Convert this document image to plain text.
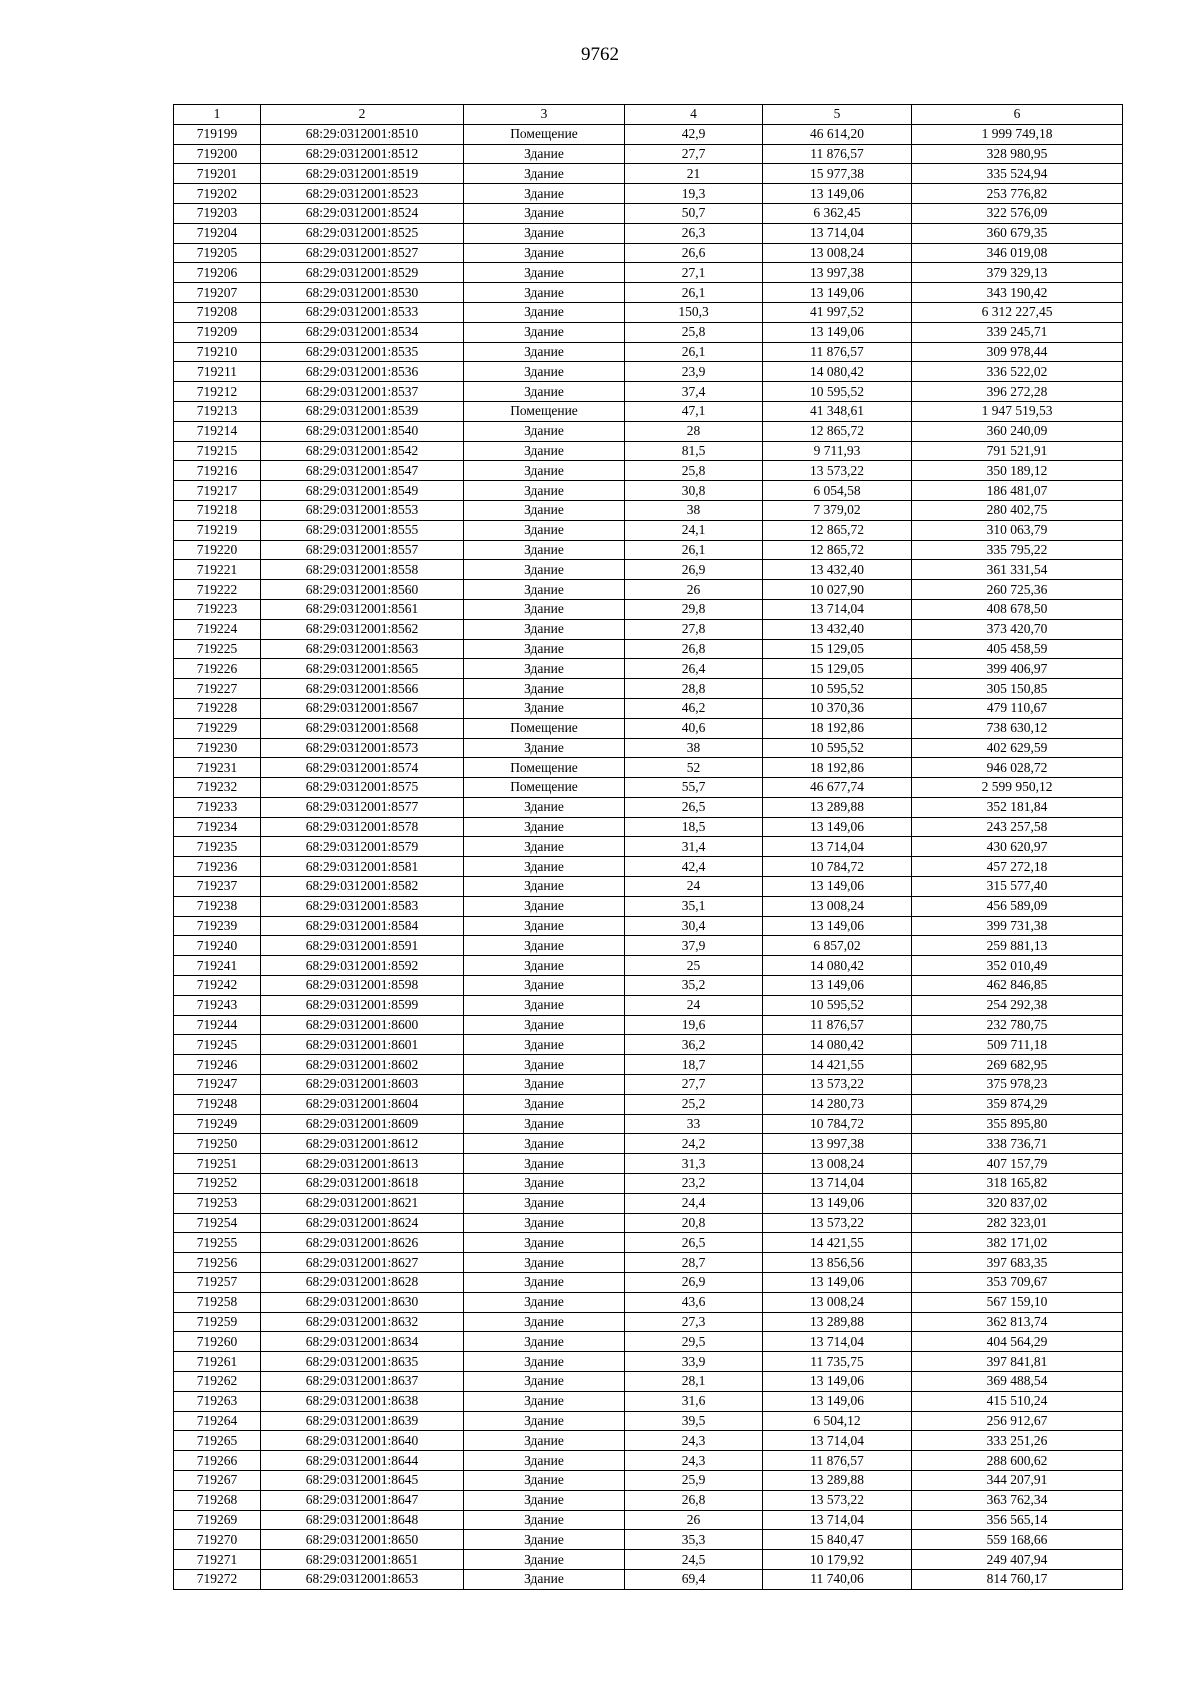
9762
1	2	3	4	5	6
719199	68:29:0312001:8510	Помещение	42,9	46 614,20	1 999 749,18
719200	68:29:0312001:8512	Здание	27,7	11 876,57	328 980,95
719201	68:29:0312001:8519	Здание	21	15 977,38	335 524,94
719202	68:29:0312001:8523	Здание	19,3	13 149,06	253 776,82
719203	68:29:0312001:8524	Здание	50,7	6 362,45	322 576,09
719204	68:29:0312001:8525	Здание	26,3	13 714,04	360 679,35
719205	68:29:0312001:8527	Здание	26,6	13 008,24	346 019,08
719206	68:29:0312001:8529	Здание	27,1	13 997,38	379 329,13
719207	68:29:0312001:8530	Здание	26,1	13 149,06	343 190,42
719208	68:29:0312001:8533	Здание	150,3	41 997,52	6 312 227,45
719209	68:29:0312001:8534	Здание	25,8	13 149,06	339 245,71
719210	68:29:0312001:8535	Здание	26,1	11 876,57	309 978,44
719211	68:29:0312001:8536	Здание	23,9	14 080,42	336 522,02
719212	68:29:0312001:8537	Здание	37,4	10 595,52	396 272,28
719213	68:29:0312001:8539	Помещение	47,1	41 348,61	1 947 519,53
719214	68:29:0312001:8540	Здание	28	12 865,72	360 240,09
719215	68:29:0312001:8542	Здание	81,5	9 711,93	791 521,91
719216	68:29:0312001:8547	Здание	25,8	13 573,22	350 189,12
719217	68:29:0312001:8549	Здание	30,8	6 054,58	186 481,07
719218	68:29:0312001:8553	Здание	38	7 379,02	280 402,75
719219	68:29:0312001:8555	Здание	24,1	12 865,72	310 063,79
719220	68:29:0312001:8557	Здание	26,1	12 865,72	335 795,22
719221	68:29:0312001:8558	Здание	26,9	13 432,40	361 331,54
719222	68:29:0312001:8560	Здание	26	10 027,90	260 725,36
719223	68:29:0312001:8561	Здание	29,8	13 714,04	408 678,50
719224	68:29:0312001:8562	Здание	27,8	13 432,40	373 420,70
719225	68:29:0312001:8563	Здание	26,8	15 129,05	405 458,59
719226	68:29:0312001:8565	Здание	26,4	15 129,05	399 406,97
719227	68:29:0312001:8566	Здание	28,8	10 595,52	305 150,85
719228	68:29:0312001:8567	Здание	46,2	10 370,36	479 110,67
719229	68:29:0312001:8568	Помещение	40,6	18 192,86	738 630,12
719230	68:29:0312001:8573	Здание	38	10 595,52	402 629,59
719231	68:29:0312001:8574	Помещение	52	18 192,86	946 028,72
719232	68:29:0312001:8575	Помещение	55,7	46 677,74	2 599 950,12
719233	68:29:0312001:8577	Здание	26,5	13 289,88	352 181,84
719234	68:29:0312001:8578	Здание	18,5	13 149,06	243 257,58
719235	68:29:0312001:8579	Здание	31,4	13 714,04	430 620,97
719236	68:29:0312001:8581	Здание	42,4	10 784,72	457 272,18
719237	68:29:0312001:8582	Здание	24	13 149,06	315 577,40
719238	68:29:0312001:8583	Здание	35,1	13 008,24	456 589,09
719239	68:29:0312001:8584	Здание	30,4	13 149,06	399 731,38
719240	68:29:0312001:8591	Здание	37,9	6 857,02	259 881,13
719241	68:29:0312001:8592	Здание	25	14 080,42	352 010,49
719242	68:29:0312001:8598	Здание	35,2	13 149,06	462 846,85
719243	68:29:0312001:8599	Здание	24	10 595,52	254 292,38
719244	68:29:0312001:8600	Здание	19,6	11 876,57	232 780,75
719245	68:29:0312001:8601	Здание	36,2	14 080,42	509 711,18
719246	68:29:0312001:8602	Здание	18,7	14 421,55	269 682,95
719247	68:29:0312001:8603	Здание	27,7	13 573,22	375 978,23
719248	68:29:0312001:8604	Здание	25,2	14 280,73	359 874,29
719249	68:29:0312001:8609	Здание	33	10 784,72	355 895,80
719250	68:29:0312001:8612	Здание	24,2	13 997,38	338 736,71
719251	68:29:0312001:8613	Здание	31,3	13 008,24	407 157,79
719252	68:29:0312001:8618	Здание	23,2	13 714,04	318 165,82
719253	68:29:0312001:8621	Здание	24,4	13 149,06	320 837,02
719254	68:29:0312001:8624	Здание	20,8	13 573,22	282 323,01
719255	68:29:0312001:8626	Здание	26,5	14 421,55	382 171,02
719256	68:29:0312001:8627	Здание	28,7	13 856,56	397 683,35
719257	68:29:0312001:8628	Здание	26,9	13 149,06	353 709,67
719258	68:29:0312001:8630	Здание	43,6	13 008,24	567 159,10
719259	68:29:0312001:8632	Здание	27,3	13 289,88	362 813,74
719260	68:29:0312001:8634	Здание	29,5	13 714,04	404 564,29
719261	68:29:0312001:8635	Здание	33,9	11 735,75	397 841,81
719262	68:29:0312001:8637	Здание	28,1	13 149,06	369 488,54
719263	68:29:0312001:8638	Здание	31,6	13 149,06	415 510,24
719264	68:29:0312001:8639	Здание	39,5	6 504,12	256 912,67
719265	68:29:0312001:8640	Здание	24,3	13 714,04	333 251,26
719266	68:29:0312001:8644	Здание	24,3	11 876,57	288 600,62
719267	68:29:0312001:8645	Здание	25,9	13 289,88	344 207,91
719268	68:29:0312001:8647	Здание	26,8	13 573,22	363 762,34
719269	68:29:0312001:8648	Здание	26	13 714,04	356 565,14
719270	68:29:0312001:8650	Здание	35,3	15 840,47	559 168,66
719271	68:29:0312001:8651	Здание	24,5	10 179,92	249 407,94
719272	68:29:0312001:8653	Здание	69,4	11 740,06	814 760,17
